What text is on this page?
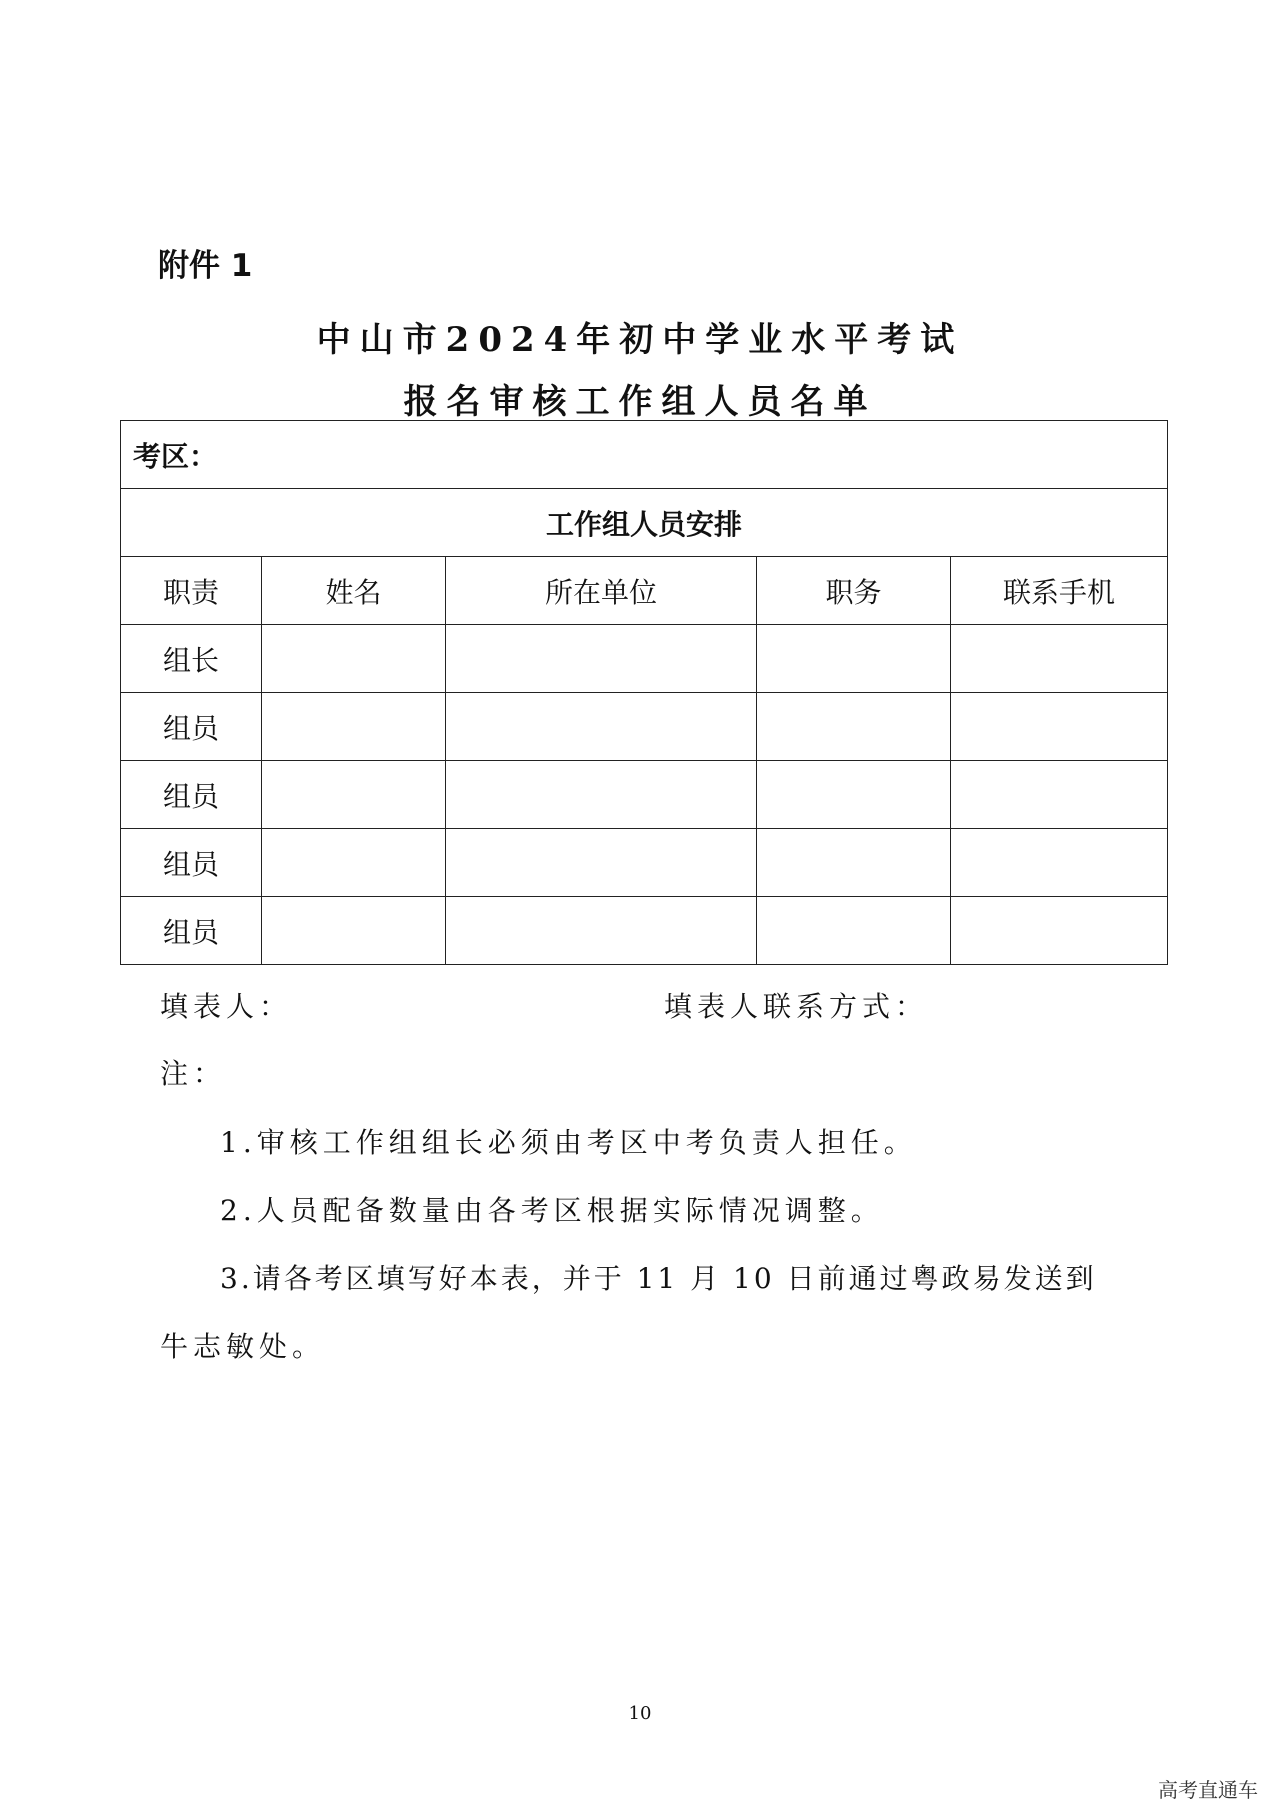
附件 1
中山市2024年初中学业水平考试
报名审核工作组人员名单
考区：				
工作组人员安排				
职责	姓名	所在单位	职务	联系手机
组长				
组员				
组员				
组员				
组员				
填表人：	填表人联系方式：
注：
1.审核工作组组长必须由考区中考负责人担任。
2.人员配备数量由各考区根据实际情况调整。
3.请各考区填写好本表，并于 11 月 10 日前通过粤政易发送到
牛志敏处。
10
高考直通车
